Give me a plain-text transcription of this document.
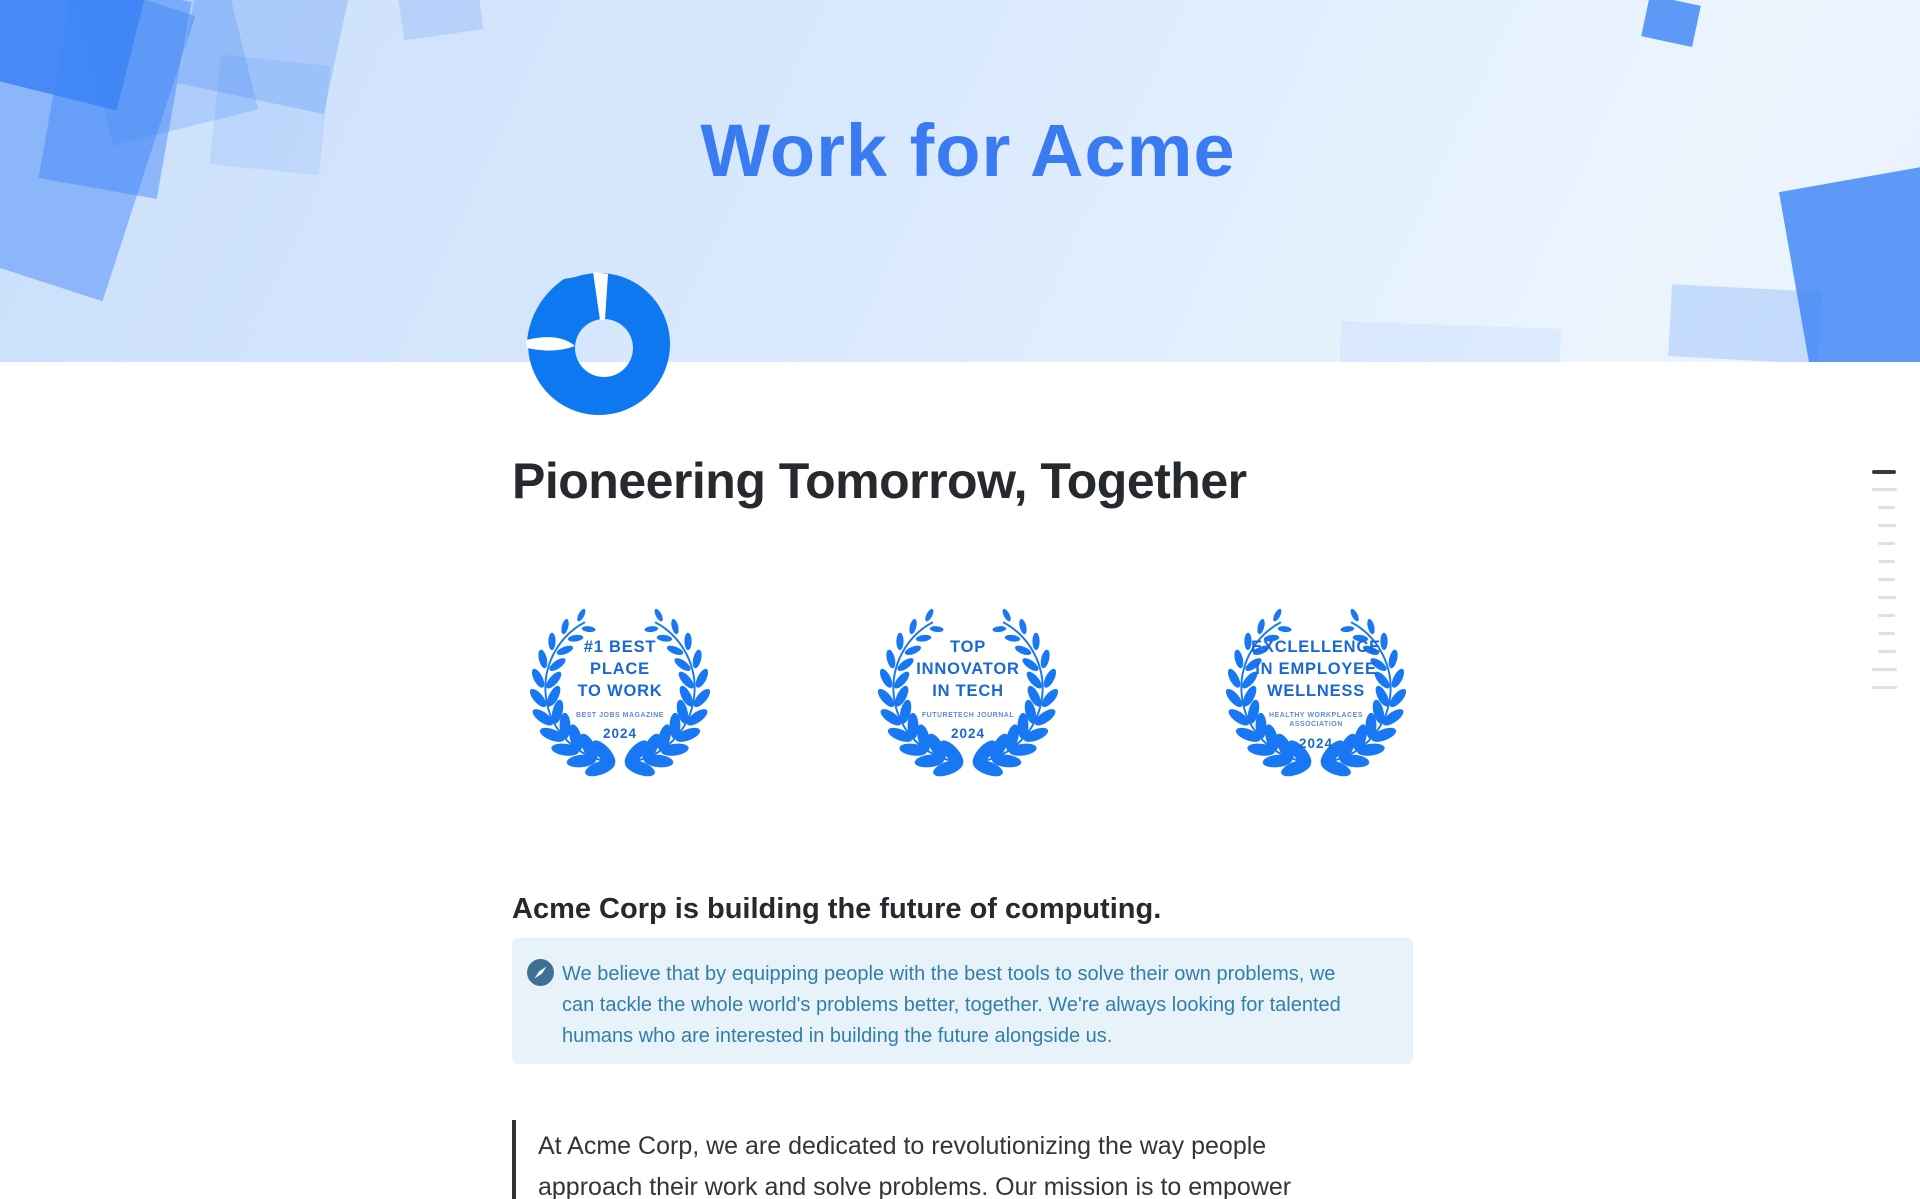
Work for Acme
Pioneering Tomorrow, Together
#1 BEST
PLACE
TO WORK
BEST JOBS MAGAZINE
2024
TOP
INNOVATOR
IN TECH
FUTURETECH JOURNAL
2024
EXCLELLENCE
IN EMPLOYEE
WELLNESS
HEALTHY WORKPLACES ASSOCIATION
2024
Acme Corp is building the future of computing.
We believe that by equipping people with the best tools to solve their own problems, we can tackle the whole world's problems better, together. We're always looking for talented humans who are interested in building the future alongside us.
At Acme Corp, we are dedicated to revolutionizing the way people approach their work and solve problems. Our mission is to empower
